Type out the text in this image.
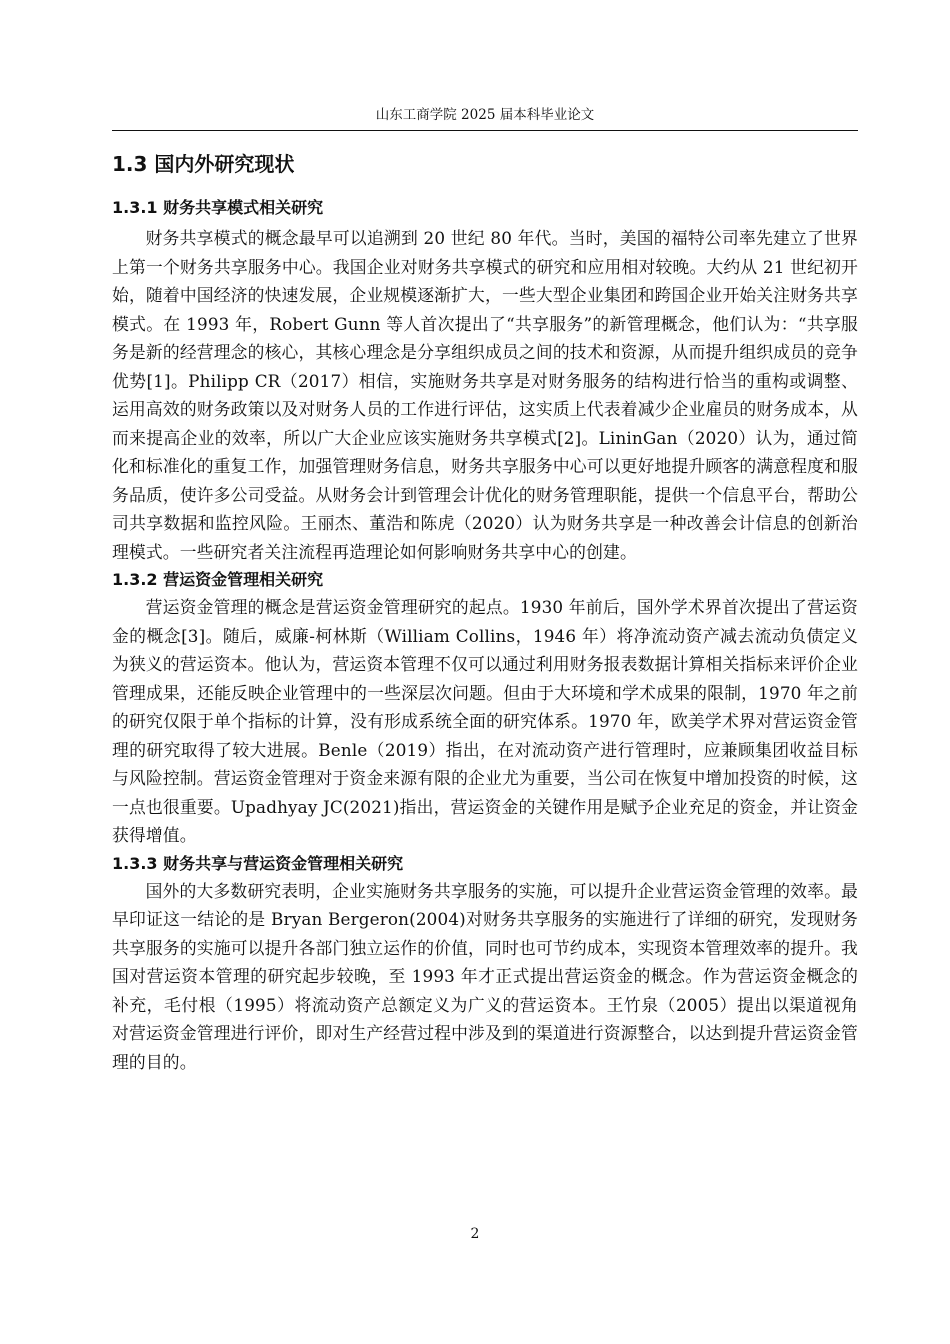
山东工商学院 2025 届本科毕业论文
1.3 国内外研究现状
1.3.1 财务共享模式相关研究

财务共享模式的概念最早可以追溯到 20 世纪 80 年代。当时，美国的福特公司率先建立了世界上第一个财务共享服务中心。我国企业对财务共享模式的研究和应用相对较晚。大约从 21 世纪初开始，随着中国经济的快速发展，企业规模逐渐扩大，一些大型企业集团和跨国企业开始关注财务共享模式。在 1993 年，Robert Gunn 等人首次提出了“共享服务”的新管理概念，他们认为：“共享服务是新的经营理念的核心，其核心理念是分享组织成员之间的技术和资源，从而提升组织成员的竞争优势[1]。Philipp CR（2017）相信，实施财务共享是对财务服务的结构进行恰当的重构或调整、运用高效的财务政策以及对财务人员的工作进行评估，这实质上代表着减少企业雇员的财务成本，从而来提高企业的效率，所以广大企业应该实施财务共享模式[2]。LininGan（2020）认为，通过简化和标准化的重复工作，加强管理财务信息，财务共享服务中心可以更好地提升顾客的满意程度和服务品质，使许多公司受益。从财务会计到管理会计优化的财务管理职能，提供一个信息平台，帮助公司共享数据和监控风险。王丽杰、董浩和陈虎（2020）认为财务共享是一种改善会计信息的创新治理模式。一些研究者关注流程再造理论如何影响财务共享中心的创建。

1.3.2 营运资金管理相关研究

营运资金管理的概念是营运资金管理研究的起点。1930 年前后，国外学术界首次提出了营运资金的概念[3]。随后，威廉-柯林斯（William Collins，1946 年）将净流动资产减去流动负债定义为狭义的营运资本。他认为，营运资本管理不仅可以通过利用财务报表数据计算相关指标来评价企业管理成果，还能反映企业管理中的一些深层次问题。但由于大环境和学术成果的限制，1970 年之前的研究仅限于单个指标的计算，没有形成系统全面的研究体系。1970 年，欧美学术界对营运资金管理的研究取得了较大进展。Benle（2019）指出，在对流动资产进行管理时，应兼顾集团收益目标与风险控制。营运资金管理对于资金来源有限的企业尤为重要，当公司在恢复中增加投资的时候，这一点也很重要。Upadhyay JC(2021)指出，营运资金的关键作用是赋予企业充足的资金，并让资金获得增值。

1.3.3 财务共享与营运资金管理相关研究

国外的大多数研究表明，企业实施财务共享服务的实施，可以提升企业营运资金管理的效率。最早印证这一结论的是 Bryan Bergeron(2004)对财务共享服务的实施进行了详细的研究，发现财务共享服务的实施可以提升各部门独立运作的价值，同时也可节约成本，实现资本管理效率的提升。我国对营运资本管理的研究起步较晚，至 1993 年才正式提出营运资金的概念。作为营运资金概念的补充，毛付根（1995）将流动资产总额定义为广义的营运资本。王竹泉（2005）提出以渠道视角对营运资金管理进行评价，即对生产经营过程中涉及到的渠道进行资源整合，以达到提升营运资金管理的目的。

2
